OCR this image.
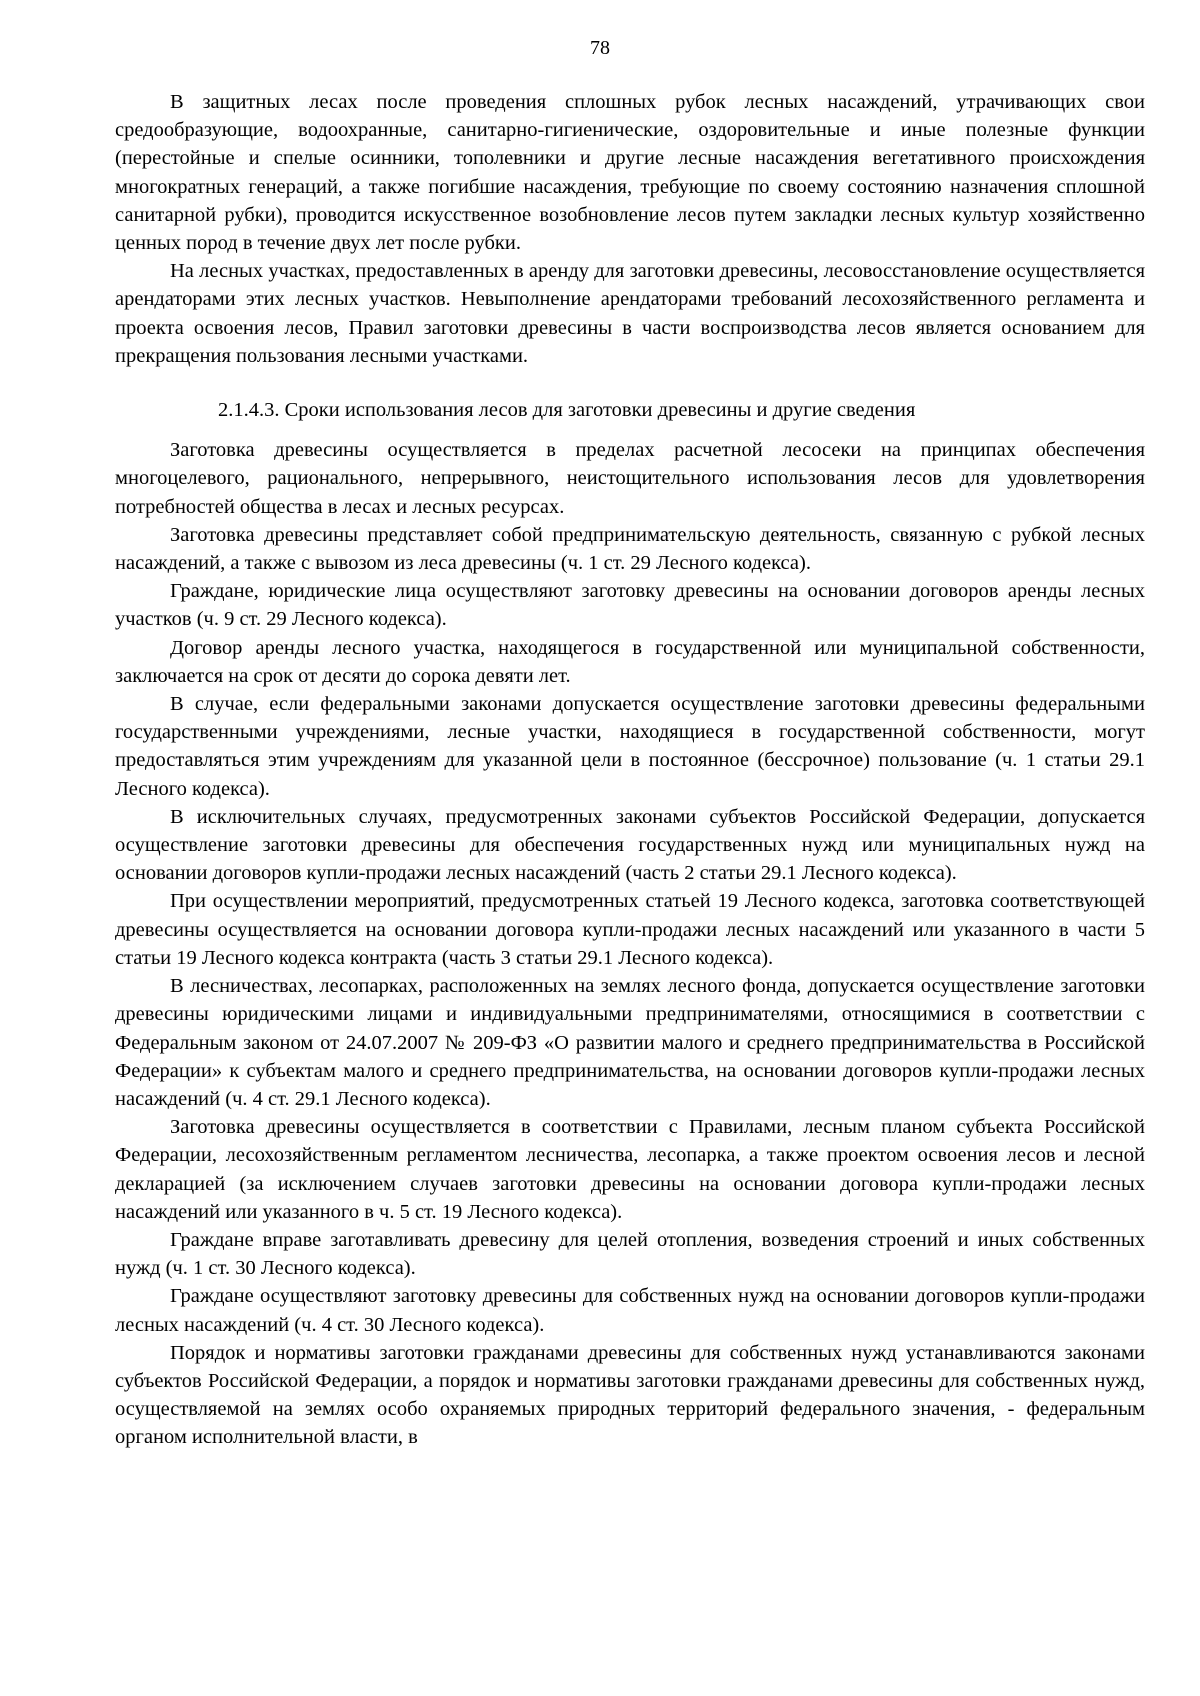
78

В защитных лесах после проведения сплошных рубок лесных насаждений, утрачивающих свои средообразующие, водоохранные, санитарно-гигиенические, оздоровительные и иные полезные функции (перестойные и спелые осинники, тополевники и другие лесные насаждения вегетативного происхождения многократных генераций, а также погибшие насаждения, требующие по своему состоянию назначения сплошной санитарной рубки), проводится искусственное возобновление лесов путем закладки лесных культур хозяйственно ценных пород в течение двух лет после рубки.

На лесных участках, предоставленных в аренду для заготовки древесины, лесовосстановление осуществляется арендаторами этих лесных участков. Невыполнение арендаторами требований лесохозяйственного регламента и проекта освоения лесов, Правил заготовки древесины в части воспроизводства лесов является основанием для прекращения пользования лесными участками.

2.1.4.3. Сроки использования лесов для заготовки древесины и другие сведения

Заготовка древесины осуществляется в пределах расчетной лесосеки на принципах обеспечения многоцелевого, рационального, непрерывного, неистощительного использования лесов для удовлетворения потребностей общества в лесах и лесных ресурсах.

Заготовка древесины представляет собой предпринимательскую деятельность, связанную с рубкой лесных насаждений, а также с вывозом из леса древесины (ч. 1 ст. 29 Лесного кодекса).

Граждане, юридические лица осуществляют заготовку древесины на основании договоров аренды лесных участков (ч. 9 ст. 29 Лесного кодекса).

Договор аренды лесного участка, находящегося в государственной или муниципальной собственности, заключается на срок от десяти до сорока девяти лет.

В случае, если федеральными законами допускается осуществление заготовки древесины федеральными государственными учреждениями, лесные участки, находящиеся в государственной собственности, могут предоставляться этим учреждениям для указанной цели в постоянное (бессрочное) пользование (ч. 1 статьи 29.1 Лесного кодекса).

В исключительных случаях, предусмотренных законами субъектов Российской Федерации, допускается осуществление заготовки древесины для обеспечения государственных нужд или муниципальных нужд на основании договоров купли-продажи лесных насаждений (часть 2 статьи 29.1 Лесного кодекса).

При осуществлении мероприятий, предусмотренных статьей 19 Лесного кодекса, заготовка соответствующей древесины осуществляется на основании договора купли-продажи лесных насаждений или указанного в части 5 статьи 19 Лесного кодекса контракта (часть 3 статьи 29.1 Лесного кодекса).

В лесничествах, лесопарках, расположенных на землях лесного фонда, допускается осуществление заготовки древесины юридическими лицами и индивидуальными предпринимателями, относящимися в соответствии с Федеральным законом от 24.07.2007 № 209-ФЗ «О развитии малого и среднего предпринимательства в Российской Федерации» к субъектам малого и среднего предпринимательства, на основании договоров купли-продажи лесных насаждений (ч. 4 ст. 29.1 Лесного кодекса).

Заготовка древесины осуществляется в соответствии с Правилами, лесным планом субъекта Российской Федерации, лесохозяйственным регламентом лесничества, лесопарка, а также проектом освоения лесов и лесной декларацией (за исключением случаев заготовки древесины на основании договора купли-продажи лесных насаждений или указанного в ч. 5 ст. 19 Лесного кодекса).

Граждане вправе заготавливать древесину для целей отопления, возведения строений и иных собственных нужд (ч. 1 ст. 30 Лесного кодекса).

Граждане осуществляют заготовку древесины для собственных нужд на основании договоров купли-продажи лесных насаждений (ч. 4 ст. 30 Лесного кодекса).

Порядок и нормативы заготовки гражданами древесины для собственных нужд устанавливаются законами субъектов Российской Федерации, а порядок и нормативы заготовки гражданами древесины для собственных нужд, осуществляемой на землях особо охраняемых природных территорий федерального значения, - федеральным органом исполнительной власти, в
